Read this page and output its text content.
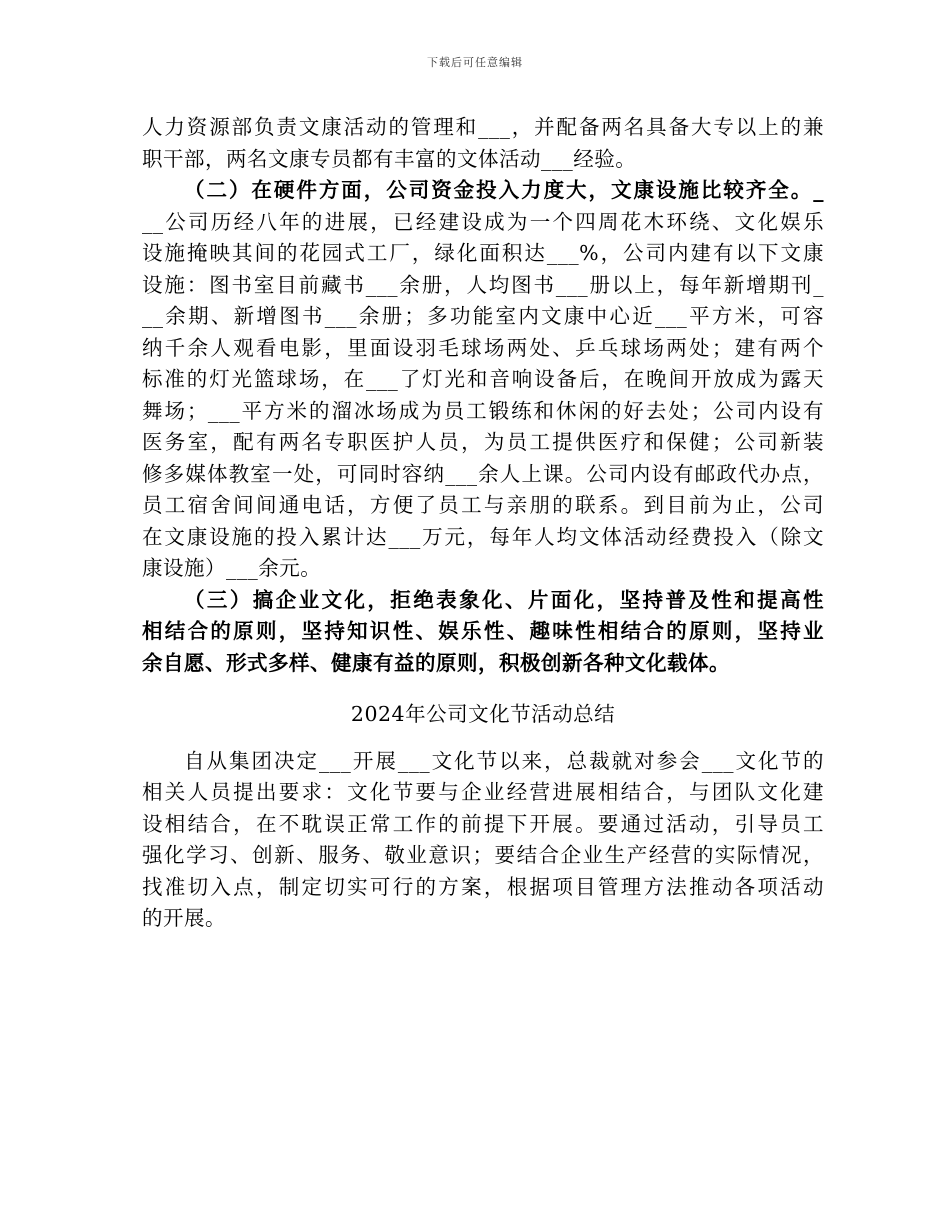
下载后可任意编辑
人力资源部负责文康活动的管理和___，并配备两名具备大专以上的兼
职干部，两名文康专员都有丰富的文体活动___经验。
（二）在硬件方面，公司资金投入力度大，文康设施比较齐全。_
__公司历经八年的进展，已经建设成为一个四周花木环绕、文化娱乐
设施掩映其间的花园式工厂，绿化面积达___%，公司内建有以下文康
设施：图书室目前藏书___余册，人均图书___册以上，每年新增期刊_
__余期、新增图书___余册；多功能室内文康中心近___平方米，可容
纳千余人观看电影，里面设羽毛球场两处、乒乓球场两处；建有两个
标准的灯光篮球场，在___了灯光和音响设备后，在晚间开放成为露天
舞场；___平方米的溜冰场成为员工锻练和休闲的好去处；公司内设有
医务室，配有两名专职医护人员，为员工提供医疗和保健；公司新装
修多媒体教室一处，可同时容纳___余人上课。公司内设有邮政代办点，
员工宿舍间间通电话，方便了员工与亲朋的联系。到目前为止，公司
在文康设施的投入累计达___万元，每年人均文体活动经费投入（除文
康设施）___余元。
（三）搞企业文化，拒绝表象化、片面化，坚持普及性和提高性
相结合的原则，坚持知识性、娱乐性、趣味性相结合的原则，坚持业
余自愿、形式多样、健康有益的原则，积极创新各种文化载体。
2024年公司文化节活动总结
自从集团决定___开展___文化节以来，总裁就对参会___文化节的
相关人员提出要求：文化节要与企业经营进展相结合，与团队文化建
设相结合，在不耽误正常工作的前提下开展。要通过活动，引导员工
强化学习、创新、服务、敬业意识；要结合企业生产经营的实际情况，
找准切入点，制定切实可行的方案，根据项目管理方法推动各项活动
的开展。
